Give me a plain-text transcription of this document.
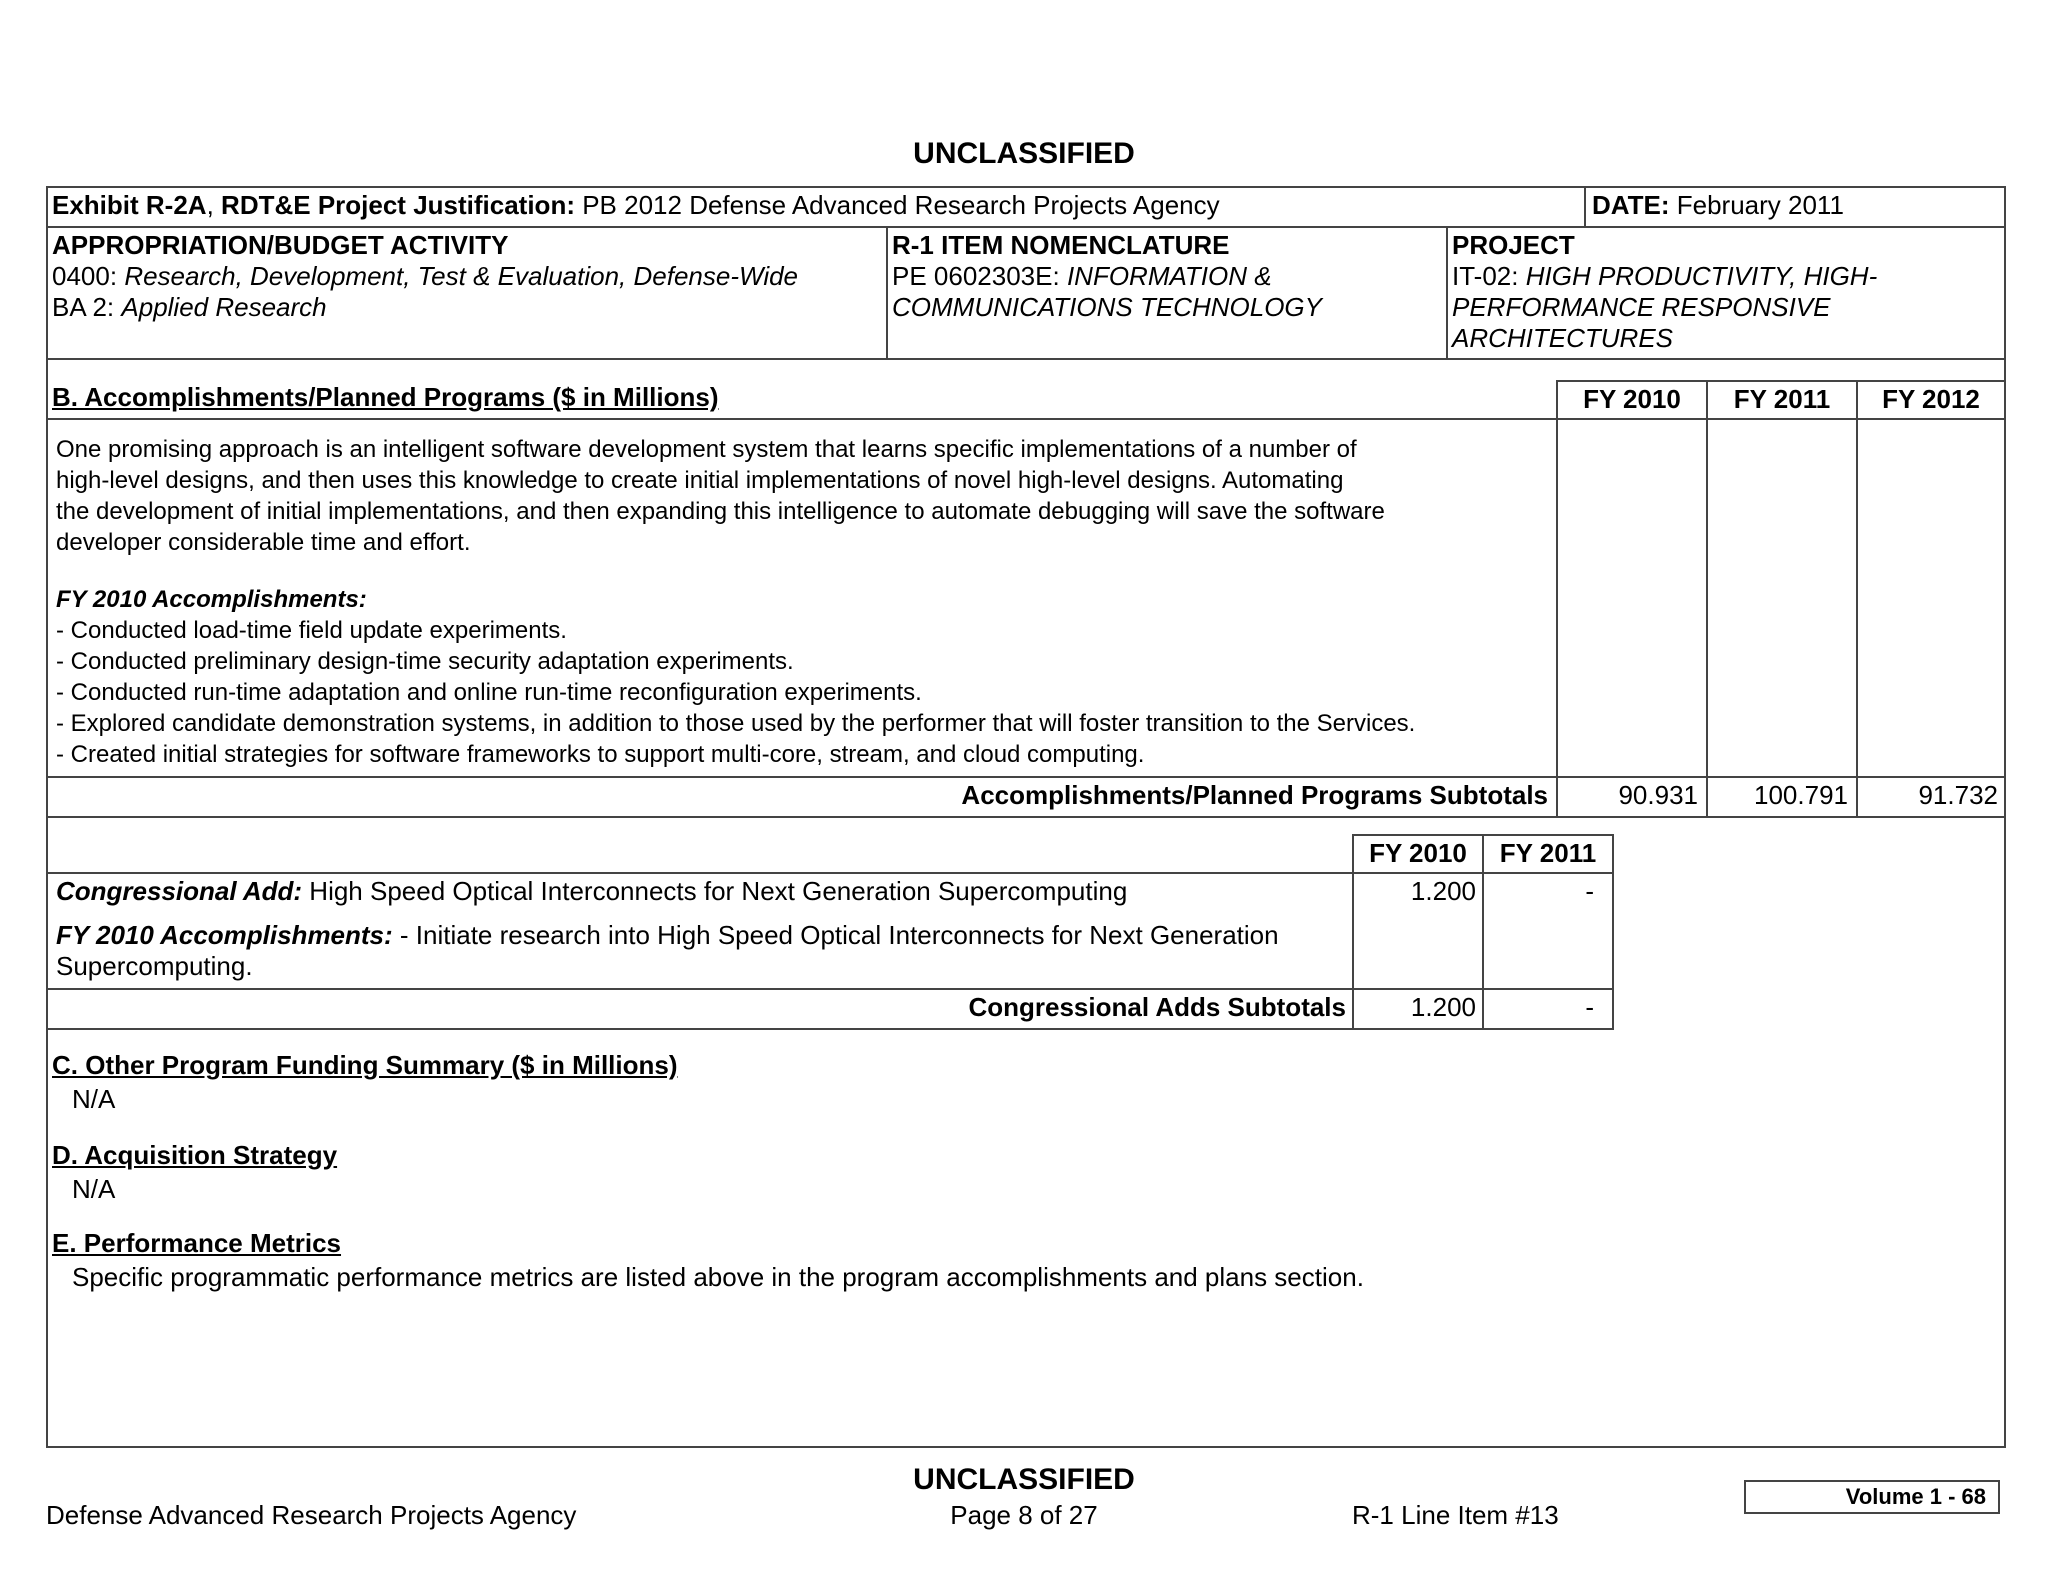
UNCLASSIFIED
Exhibit R-2A, RDT&E Project Justification: PB 2012 Defense Advanced Research Projects Agency	DATE: February 2011
APPROPRIATION/BUDGET ACTIVITY
0400: Research, Development, Test & Evaluation, Defense-Wide
BA 2: Applied Research
R-1 ITEM NOMENCLATURE
PE 0602303E: INFORMATION &
COMMUNICATIONS TECHNOLOGY
PROJECT
IT-02: HIGH PRODUCTIVITY, HIGH-
PERFORMANCE RESPONSIVE
ARCHITECTURES
B. Accomplishments/Planned Programs ($ in Millions)	FY 2010	FY 2011	FY 2012
One promising approach is an intelligent software development system that learns specific implementations of a number of
high-level designs, and then uses this knowledge to create initial implementations of novel high-level designs. Automating
the development of initial implementations, and then expanding this intelligence to automate debugging will save the software
developer considerable time and effort.
FY 2010 Accomplishments:
- Conducted load-time field update experiments.
- Conducted preliminary design-time security adaptation experiments.
- Conducted run-time adaptation and online run-time reconfiguration experiments.
- Explored candidate demonstration systems, in addition to those used by the performer that will foster transition to the Services.
- Created initial strategies for software frameworks to support multi-core, stream, and cloud computing.
Accomplishments/Planned Programs Subtotals	90.931	100.791	91.732
FY 2010	FY 2011
Congressional Add: High Speed Optical Interconnects for Next Generation Supercomputing	1.200	-
FY 2010 Accomplishments: - Initiate research into High Speed Optical Interconnects for Next Generation
Supercomputing.
Congressional Adds Subtotals	1.200	-
C. Other Program Funding Summary ($ in Millions)
N/A
D. Acquisition Strategy
N/A
E. Performance Metrics
Specific programmatic performance metrics are listed above in the program accomplishments and plans section.
UNCLASSIFIED
Defense Advanced Research Projects Agency	Page 8 of 27	R-1 Line Item #13
Volume 1 - 68
